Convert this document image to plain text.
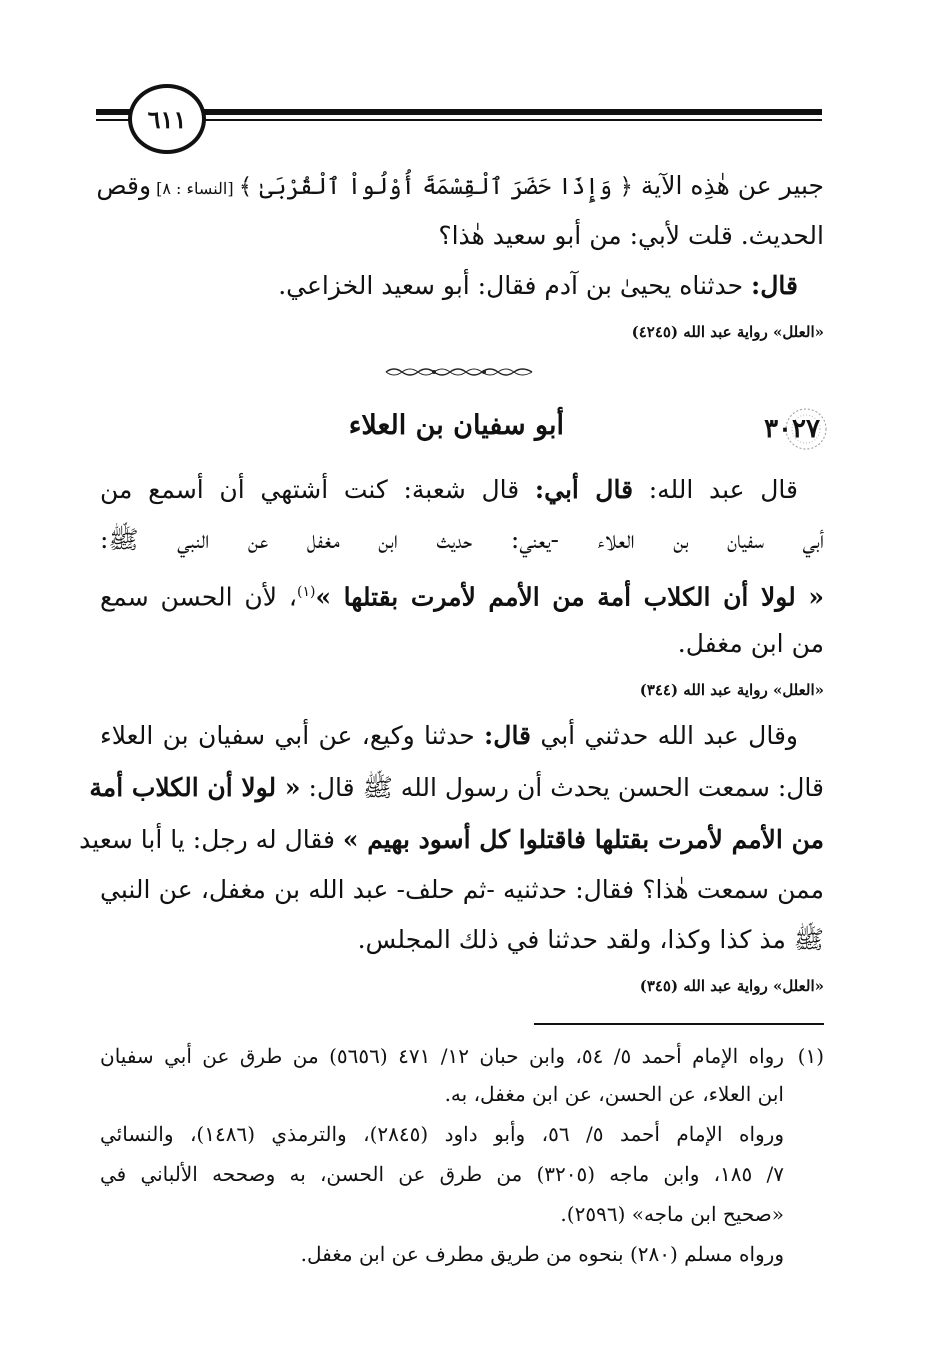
٦١١
جبير عن هٰذِه الآية ﴿ وَإِذَا حَضَرَ ٱلْقِسْمَةَ أُوْلُواْ ٱلْقُرْبَىٰ ﴾ [النساء : ٨] وقص
الحديث. قلت لأبي: من أبو سعيد هٰذا؟
قال: حدثناه يحيىٰ بن آدم فقال: أبو سعيد الخزاعي.
«العلل» رواية عبد الله (٤٢٤٥)
٣٠٢٧
أبو سفيان بن العلاء
قال عبد الله: قال أبي: قال شعبة: كنت أشتهي أن أسمع من
أبي سفيان بن العلاء -يعني: حديث ابن مغفل عن النبي ﷺ:
« لولا أن الكلاب أمة من الأمم لأمرت بقتلها »$^{(١)}$، لأن الحسن سمع
من ابن مغفل.
«العلل» رواية عبد الله (٣٤٤)
وقال عبد الله حدثني أبي قال: حدثنا وكيع، عن أبي سفيان بن العلاء
قال: سمعت الحسن يحدث أن رسول الله ﷺ قال: « لولا أن الكلاب أمة
من الأمم لأمرت بقتلها فاقتلوا كل أسود بهيم » فقال له رجل: يا أبا سعيد
ممن سمعت هٰذا؟ فقال: حدثنيه -ثم حلف- عبد الله بن مغفل، عن النبي
ﷺ مذ كذا وكذا، ولقد حدثنا في ذلك المجلس.
«العلل» رواية عبد الله (٣٤٥)
(١)
رواه الإمام أحمد ٥/ ٥٤، وابن حبان ١٢/ ٤٧١ (٥٦٥٦) من طرق عن أبي سفيان
ابن العلاء، عن الحسن، عن ابن مغفل، به.
ورواه الإمام أحمد ٥/ ٥٦، وأبو داود (٢٨٤٥)، والترمذي (١٤٨٦)، والنسائي
٧/ ١٨٥، وابن ماجه (٣٢٠٥) من طرق عن الحسن، به وصححه الألباني في
«صحيح ابن ماجه» (٢٥٩٦).
ورواه مسلم (٢٨٠) بنحوه من طريق مطرف عن ابن مغفل.
